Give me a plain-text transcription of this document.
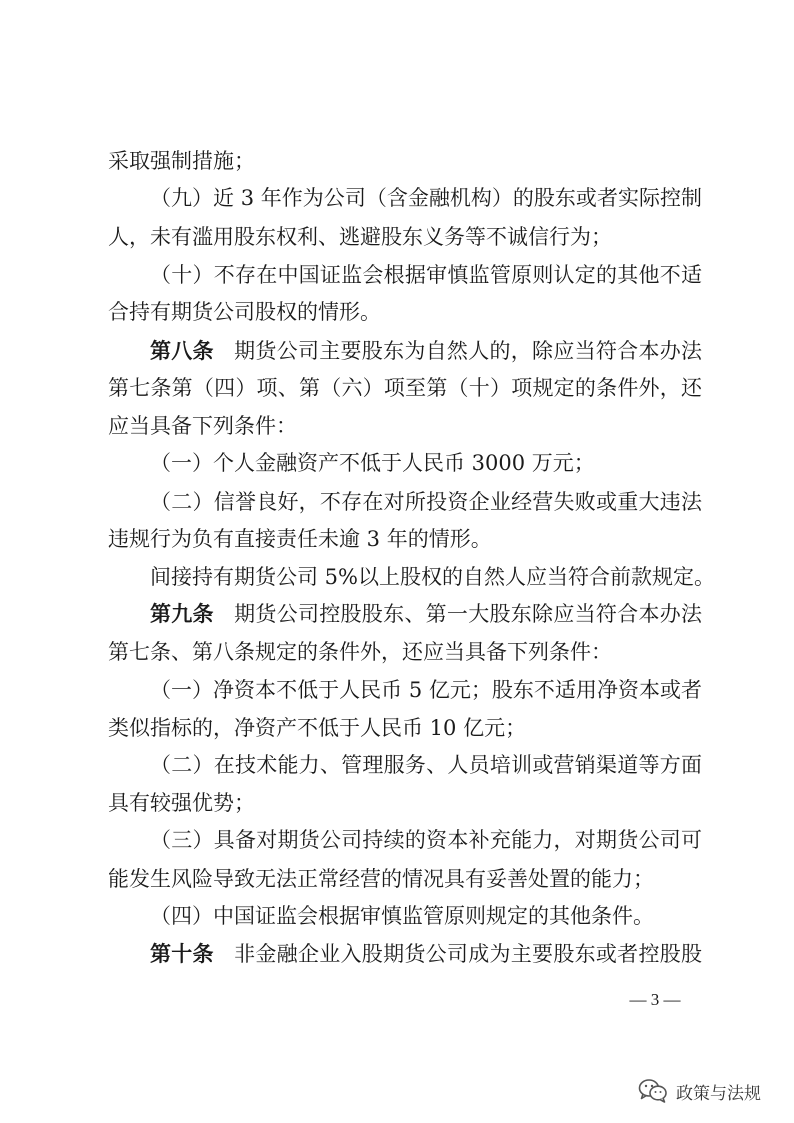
采取强制措施；
（九）近 3 年作为公司（含金融机构）的股东或者实际控制
人，未有滥用股东权利、逃避股东义务等不诚信行为；
（十）不存在中国证监会根据审慎监管原则认定的其他不适
合持有期货公司股权的情形。
第八条 期货公司主要股东为自然人的，除应当符合本办法
第七条第（四）项、第（六）项至第（十）项规定的条件外，还
应当具备下列条件：
（一）个人金融资产不低于人民币 3000 万元；
（二）信誉良好，不存在对所投资企业经营失败或重大违法
违规行为负有直接责任未逾 3 年的情形。
间接持有期货公司 5%以上股权的自然人应当符合前款规定。
第九条 期货公司控股股东、第一大股东除应当符合本办法
第七条、第八条规定的条件外，还应当具备下列条件：
（一）净资本不低于人民币 5 亿元；股东不适用净资本或者
类似指标的，净资产不低于人民币 10 亿元；
（二）在技术能力、管理服务、人员培训或营销渠道等方面
具有较强优势；
（三）具备对期货公司持续的资本补充能力，对期货公司可
能发生风险导致无法正常经营的情况具有妥善处置的能力；
（四）中国证监会根据审慎监管原则规定的其他条件。
第十条 非金融企业入股期货公司成为主要股东或者控股股
— 3 —
政策与法规
